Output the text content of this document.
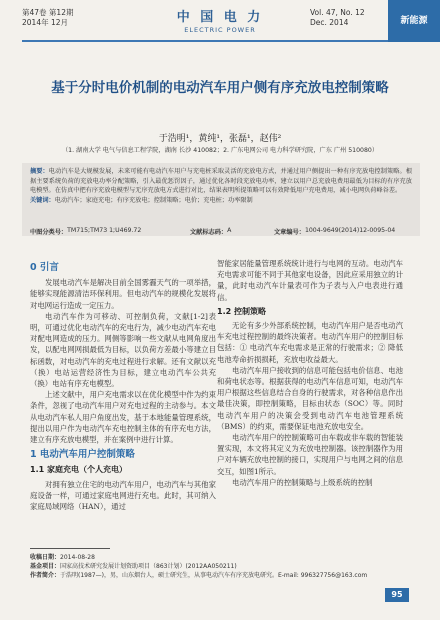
第47卷 第12期
2014年 12月	中 国 电 力
ELECTRIC POWER
Vol. 47, No. 12
Dec. 2014	新能源
基于分时电价机制的电动汽车用户侧有序充放电控制策略
于浩明¹，黄纯¹，张磊¹，赵伟²
（1. 湖南大学 电气与信息工程学院，湖南 长沙 410082；2. 广东电网公司 电力科学研究院，广东 广州 510080）
摘要：电动汽车是大规模发展，未来可能有电动汽车用户与充电桩采取灵活的充放电方式，并通过用户侧提出一种有序充放电控制策略。根据主要系统负荷的充放电功率分配策略，引入最优惩罚因子，通过优化各时段充放电功率，建立以用户总充放电费用最低为目标的有序充放电模型。在仿真中把有序充放电模型与无序充放电方式进行对比，结果表明所提策略可以有效降低用户充电费用，减小电网负荷峰谷差。
关键词：电动汽车；家庭充电；有序充放电；控制策略；电价；充电桩；功率限制
中图分类号： TM715;TM73 1;U469.72	文献标志码： A	文章编号： 1004-9649(2014)12-0095-04
0 引言

发展电动汽车是解决目前全国雾霾天气的一项举措，能够实现能源清洁环保利用。但电动汽车的规模化发展将对电网运行造成一定压力。

电动汽车作为可移动、可控制负荷，文献[1-2]表明，可通过优化电动汽车的充电行为，减少电动汽车充电对配电网造成的压力。网侧等影响一些文献从电网角度出发，以配电网网损最低为目标，以负荷方差最小等建立目标函数，对电动汽车的充电过程进行求解。还有文献以充（换）电站运营经济性为目标，建立电动汽车公共充（换）电站有序充电模型。

上述文献中，用户充电需求以在优化模型中作为约束条件，忽视了电动汽车用户对充电过程的主动参与。本文从电动汽车私人用户角度出发，基于本地能量管理系统，提出以用户作为电动汽车充电控制主体的有序充电方法，建立有序充放电模型，并在案例中进行计算。

1 电动汽车用户控制策略
1.1 家庭充电（个人充电）

对拥有独立住宅的电动汽车用户，电动汽车与其他家庭设备一样，可通过家庭电网进行充电。此时，其可纳入家庭局域网络（HAN），通过

智能家居能量管理系统统计进行与电网的互动。电动汽车充电需求可能不同于其他家电设备，因此应采用独立的计量，此时电动汽车计量表可作为子表与入户电表进行通信。

1.2 控制策略

无论有多少外部系统控制，电动汽车用户是否电动汽车充电过程控制的最终决策者。电动汽车用户的控制目标包括：① 电动汽车充电需求是正常的行驶需求；② 降低电池寿命折损损耗，充放电收益最大。

电动汽车用户接收到的信息可能包括电价信息、电池和荷电状态等。根据获得的电动汽车信息可知，电动汽车用户根据这些信息结合自身的行驶需求，对各种信息作出最佳决策，即控制策略，目标由状态（SOC）等。同时电动汽车用户的决策会受到电动汽车电池管理系统（BMS）的约束，需要保证电池充放电安全。

电动汽车用户的控制策略可由车载或非车载的智能装置实现，本文将其定义为充放电控制器。该控制器作为用户对车辆充放电控制的接口，实现用户与电网之间的信息交互，如图1所示。

电动汽车用户的控制策略与上级系统的控制

收稿日期：2014-08-28
基金项目：国家高技术研究发展计划资助项目（863计划）(2012AA050211)
作者简介：于浩明(1987—)，男，山东烟台人，硕士研究生，从事电动汽车有序充放电研究。E-mail: 996327756@163.com
95
